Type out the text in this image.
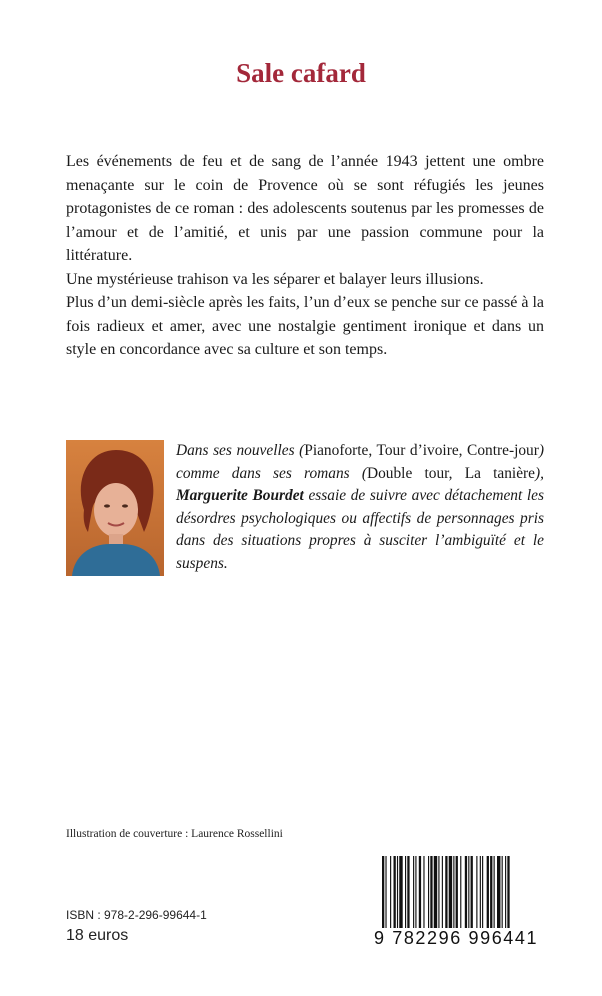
Sale cafard

Les événements de feu et de sang de l’année 1943 jettent une ombre menaçante sur le coin de Provence où se sont réfugiés les jeunes protagonistes de ce roman : des adolescents soutenus par les promesses de l’amour et de l’amitié, et unis par une passion commune pour la littérature.

Une mystérieuse trahison va les séparer et balayer leurs illusions.

Plus d’un demi-siècle après les faits, l’un d’eux se penche sur ce passé à la fois radieux et amer, avec une nostalgie gentiment ironique et dans un style en concordance avec sa culture et son temps.

Dans ses nouvelles (Pianoforte, Tour d’ivoire, Contre-jour) comme dans ses romans (Double tour, La tanière), Marguerite Bourdet essaie de suivre avec détachement les désordres psychologiques ou affectifs de personnages pris dans des situations propres à susciter l’ambiguïté et le suspens.
Illustration de couverture : Laurence Rossellini
ISBN : 978-2-296-99644-1
18 euros	9 782296 996441
